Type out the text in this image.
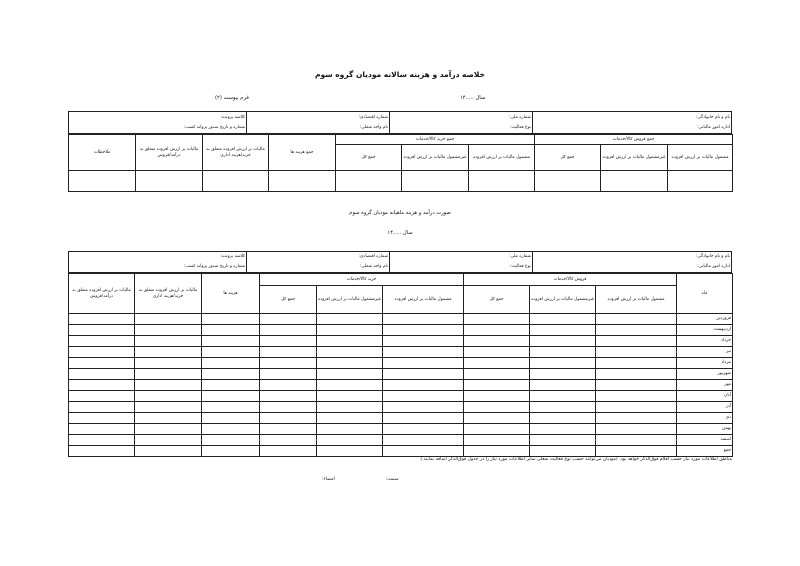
خلاصه درآمد و هزینه سالانه مودیان گروه سوم
فرم پیوست (۲)	سال .....۱۴
نام و نام خانوادگی:	شماره ملی:	شماره اقتصادی:	کلاسه پرونده:
اداره امور مالیاتی:	نوع فعالیت:	نام واحد شغلی:	شماره و تاریخ صدور پروانه کسب:
جمع فروش کالا/خدمات			جمع خرید کالا/خدمات			جمع هزینه ها	مالیات بر ارزش افزوده متعلق به خرید/هزینه اداری	مالیات بر ارزش افزوده متعلق به درآمد/فروش	ملاحظات
مشمول مالیات بر ارزش افزوده	غیرمشمول مالیات بر ارزش افزوده	جمع کل	مشمول مالیات بر ارزش افزوده	غیرمشمول مالیات بر ارزش افزوده	جمع کل				

صورت درآمد و هزینه ماهیانه مودیان گروه سوم
سال .....۱۴
نام و نام خانوادگی:	شماره ملی:	شماره اقتصادی:	کلاسه پرونده:
اداره امور مالیاتی:	نوع فعالیت:	نام واحد شغلی:	شماره و تاریخ صدور پروانه کسب:
ماه	فروش کالا/خدمات			خرید کالا/خدمات			هزینه ها	مالیات بر ارزش افزوده متعلق به خرید/هزینه اداری	مالیات بر ارزش افزوده متعلق به درآمد/فروش
	مشمول مالیات بر ارزش افزوده	غیرمشمول مالیات بر ارزش افزوده	جمع کل	مشمول مالیات بر ارزش افزوده	غیرمشمول مالیات بر ارزش افزوده	جمع کل			
فروردین									
اردیبهشت									
خرداد									
تیر									
مرداد									
شهریور									
مهر									
آبان									
آذر									
دی									
بهمن									
اسفند									
جمع									
مناطق اطلاعات مورد نیاز حسب اقلام فوق‌الذکر خواهد بود. (مودیان می‌توانند حسب نوع فعالیت شغلی سایر اطلاعات مورد نیاز را در جدول فوق‌الذکر اضافه نمایند.)
سمت:
امضاء:
